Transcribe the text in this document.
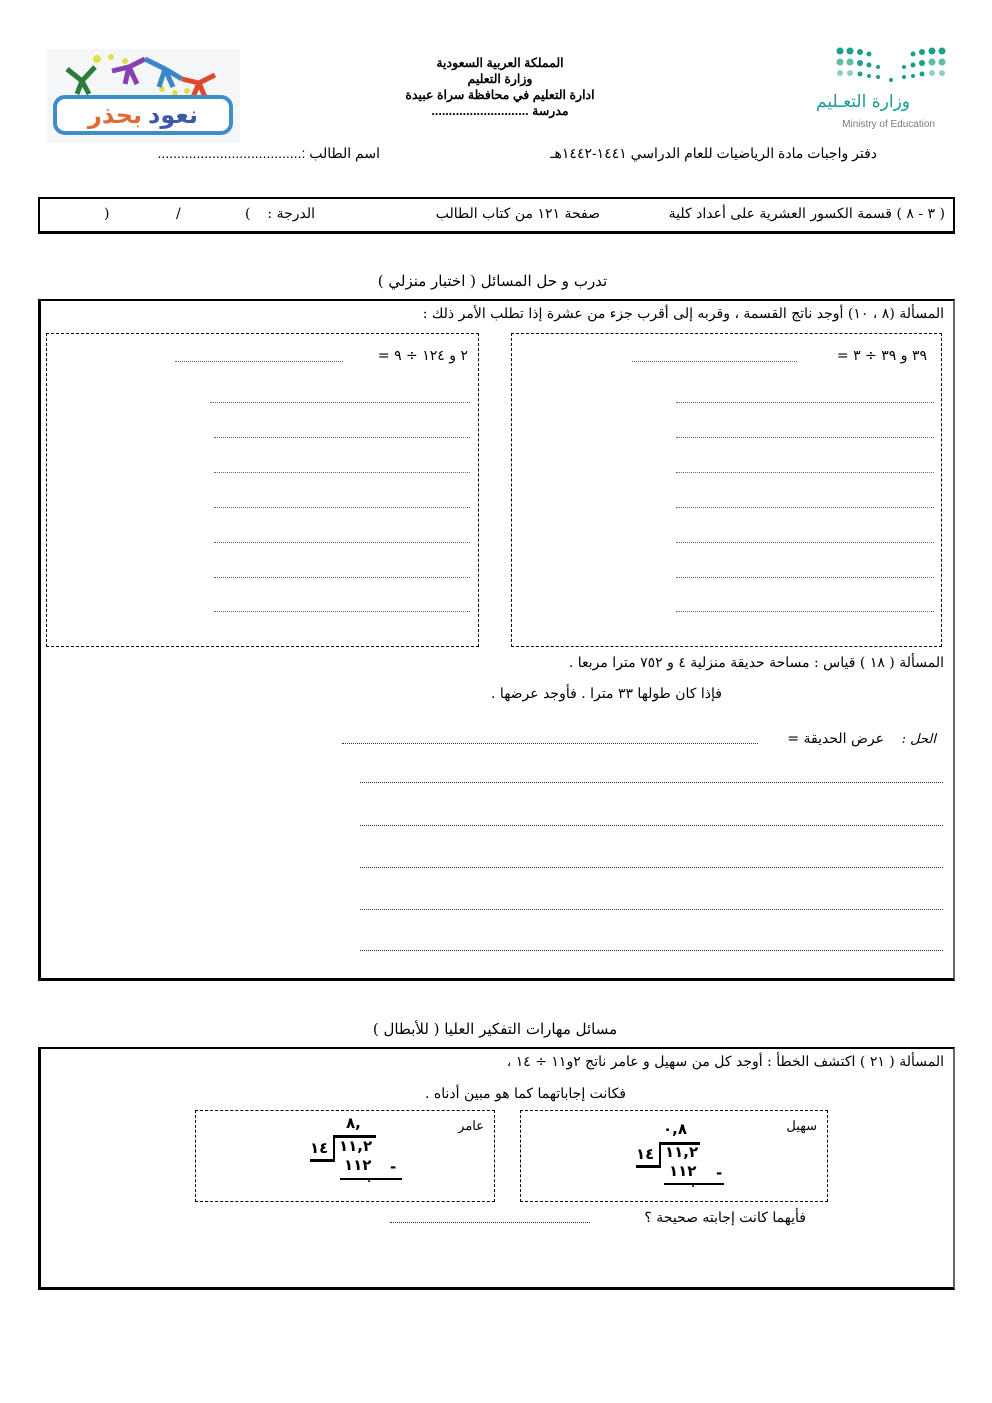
نعود
بحذر
المملكة العربية السعودية
وزارة التعليم
ادارة التعليم في محافظة سراة عبيدة
مدرسة ............................	وزارة التعـليم
Ministry of Education
دفتر واجبات مادة الرياضيات للعام الدراسي ١٤٤١-١٤٤٢هـ
اسم الطالب :.....................................
( ٣ - ٨ ) قسمة الكسور العشرية على أعداد كلية
صفحة ١٢١ من كتاب الطالب
الدرجة :
(
/
)
تدرب و حل المسائل ( اختبار منزلي )
المسألة (٨ ، ١٠) أوجد ناتج القسمة ، وقربه إلى أقرب جزء من عشرة إذا تطلب الأمر ذلك :
٣٩ و ٣٩ ÷ ٣ =
٢ و ١٢٤ ÷ ٩ =
المسألة ( ١٨ ) قياس : مساحة حديقة منزلية ٤ و ٧٥٢ مترا مربعا .
فإذا كان طولها ٣٣ مترا . فأوجد عرضها .
الحل :
عرض الحديقة =
مسائل مهارات التفكير العليا ( للأبطال )
المسألة ( ٢١ ) اكتشف الخطأ : أوجد كل من سهيل و عامر ناتج ٢و١١ ÷ ١٤ ،
فكانت إجاباتهما كما هو مبين أدناه .
سهيل
٠,٨
١١,٢
١٤
١١٢ -
٠
عامر
٨,
١١,٢
١٤
١١٢ -
٠
فأيهما كانت إجابته صحيحة ؟
